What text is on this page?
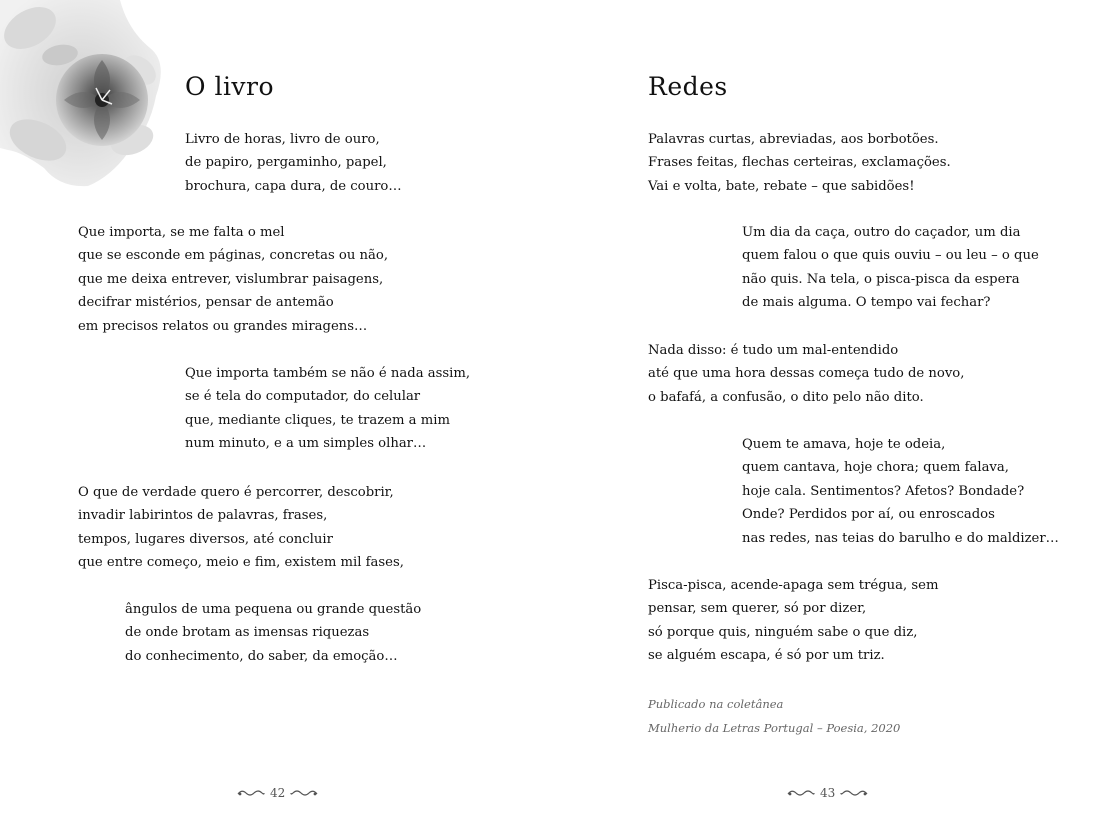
O livro
Livro de horas, livro de ouro,
de papiro, pergaminho, papel,
brochura, capa dura, de couro…
Que importa, se me falta o mel
que se esconde em páginas, concretas ou não,
que me deixa entrever, vislumbrar paisagens,
decifrar mistérios, pensar de antemão
em precisos relatos ou grandes miragens…
Que importa também se não é nada assim,
se é tela do computador, do celular
que, mediante cliques, te trazem a mim
num minuto, e a um simples olhar…
O que de verdade quero é percorrer, descobrir,
invadir labirintos de palavras, frases,
tempos, lugares diversos, até concluir
que entre começo, meio e fim, existem mil fases,
ângulos de uma pequena ou grande questão
de onde brotam as imensas riquezas
do conhecimento, do saber, da emoção…
42
Redes
Palavras curtas, abreviadas, aos borbotões.
Frases feitas, flechas certeiras, exclamações.
Vai e volta, bate, rebate – que sabidões!
Um dia da caça, outro do caçador, um dia
quem falou o que quis ouviu – ou leu – o que
não quis. Na tela, o pisca-pisca da espera
de mais alguma. O tempo vai fechar?
Nada disso: é tudo um mal-entendido
até que uma hora dessas começa tudo de novo,
o bafafá, a confusão, o dito pelo não dito.
Quem te amava, hoje te odeia,
quem cantava, hoje chora; quem falava,
hoje cala. Sentimentos? Afetos? Bondade?
Onde? Perdidos por aí, ou enroscados
nas redes, nas teias do barulho e do maldizer…
Pisca-pisca, acende-apaga sem trégua, sem
pensar, sem querer, só por dizer,
só porque quis, ninguém sabe o que diz,
se alguém escapa, é só por um triz.
Publicado na coletânea
Mulherio da Letras Portugal – Poesia, 2020
43
